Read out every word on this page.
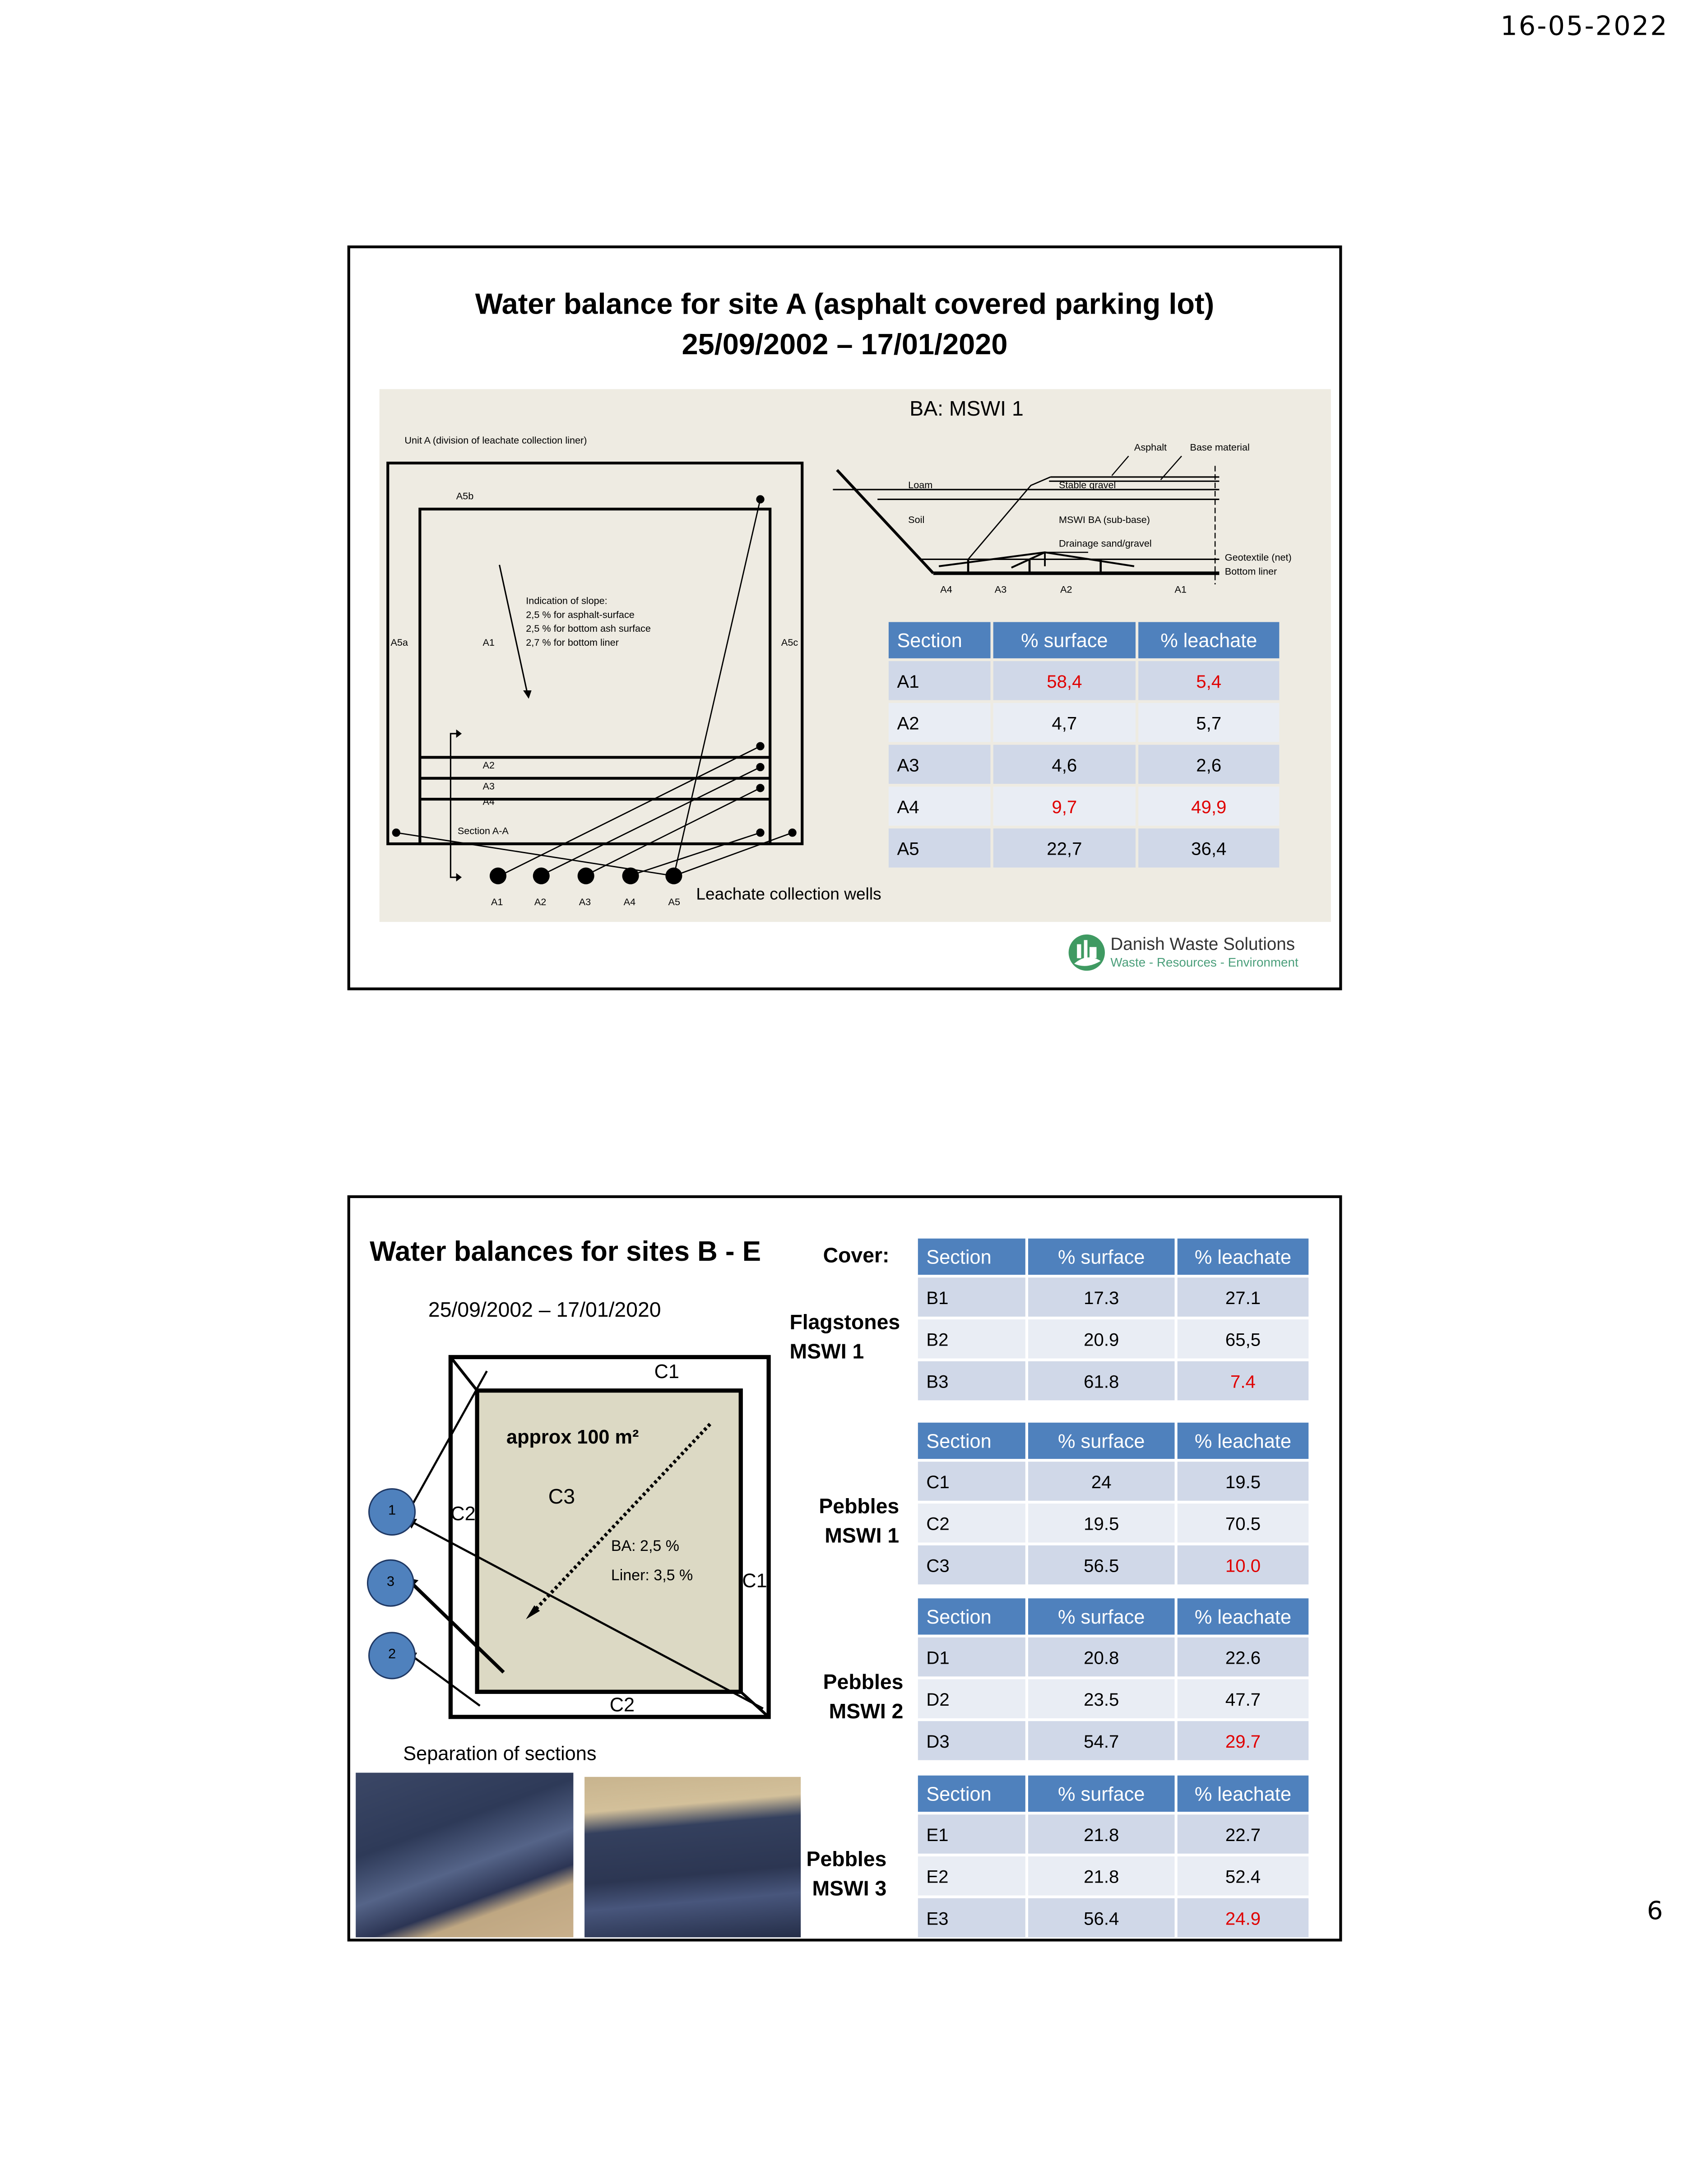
16-05-2022
6
Water balance for site A (asphalt covered parking lot)
25/09/2002 – 17/01/2020
BA: MSWI 1
Unit A (division of leachate collection liner)
A5b
A5a	A1	A5c
Indication of slope:
2,5 % for asphalt-surface
2,5 % for bottom ash surface
2,7 % for bottom liner
A2
A3
A4
Section A-A
A1	A2	A3	A4	A5	Leachate collection wells
Asphalt	Base material
Loam	Stable gravel
Soil	MSWI BA (sub-base)
Drainage sand/gravel
Geotextile (net)
Bottom liner
A4	A3	A2	A1
Section	% surface	% leachate
A1	58,4	5,4
A2	4,7	5,7
A3	4,6	2,6
A4	9,7	49,9
A5	22,7	36,4
Danish Waste Solutions
Waste - Resources - Environment
Water balances for sites B - E
25/09/2002 – 17/01/2020
Cover:
1
3
2
C1
approx 100 m²
C3
C2
BA: 2,5 %
Liner: 3,5 %	C1
C2
Separation of sections
Flagstones
MSWI 1
Section	% surface	% leachate
B1	17.3	27.1
B2	20.9	65,5
B3	61.8	7.4
Pebbles
MSWI 1
Section	% surface	% leachate
C1	24	19.5
C2	19.5	70.5
C3	56.5	10.0
Pebbles
MSWI 2
Section	% surface	% leachate
D1	20.8	22.6
D2	23.5	47.7
D3	54.7	29.7
Pebbles
MSWI 3
Section	% surface	% leachate
E1	21.8	22.7
E2	21.8	52.4
E3	56.4	24.9
